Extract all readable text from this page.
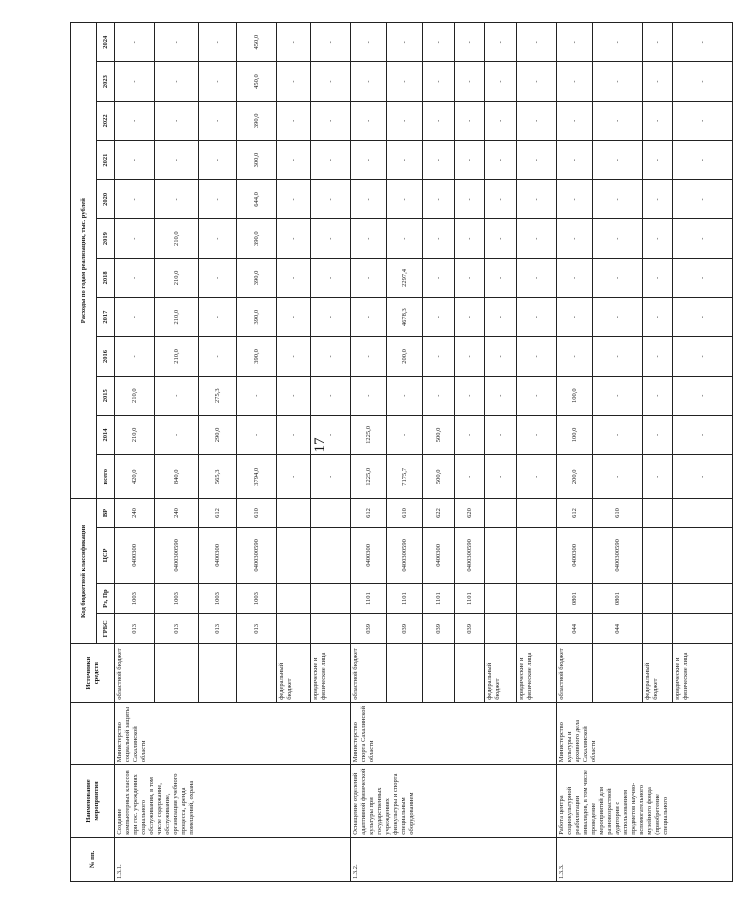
17
№ пп.	Наименование мероприятия		Источники средств	Код бюджетной классификации				Расходы по годам реализации, тыс. рублей											
				ГРБС	Рз, Пр	ЦСР	ВР	всего	2014	2015	2016	2017	2018	2019	2020	2021	2022	2023	2024
1.3.1.	Создание компьютерных классов при гос. учреждениях социального обслуживания, в том числе содержание, обслуживание, организация учебного процесса, аренда помещений, охрана	Министерство социальной защиты Сахалинской области	областной бюджет	013	1003	0400300	240	420,0	210,0	210,0	-	-	-	-	-	-	-	-	-
				013	1003	0400300590	240	840,0	-	-	210,0	210,0	210,0	210,0	-	-	-	-	-
				013	1003	0400300	612	565,3	290,0	275,3	-	-	-	-	-	-	-	-	-
				013	1003	0400300590	610	3794,0	-	-	390,0	390,0	390,0	390,0	644,0	300,0	390,0	450,0	450,0
			федеральный бюджет					-	-	-	-	-	-	-	-	-	-	-	-
			юридические и физические лица					-	-	-	-	-	-	-	-	-	-	-	-
1.3.2.	Оснащение отделений адаптивной физической культуры при государственных учреждениях физкультуры и спорта специальным оборудованием	Министерство спорта Сахалинской области	областной бюджет	039	1101	0400300	612	1225,0	1225,0	-	-	-	-	-	-	-	-	-	-
				039	1101	0400300590	610	7175,7	-	-	200,0	4678,3	2297,4	-	-	-	-	-	-
				039	1101	0400300	622	500,0	500,0	-	-	-	-	-	-	-	-	-	-
				039	1101	0400300590	620	-	-	-	-	-	-	-	-	-	-	-	-
			федеральный бюджет					-	-	-	-	-	-	-	-	-	-	-	-
			юридические и физические лица					-	-	-	-	-	-	-	-	-	-	-	-
1.3.3.	Работа центра социокультурной реабилитации инвалидов, в том числе проведение мероприятий для разновозрастной аудитории с использованием предметов научно-вспомогательного музейного фонда (приобретение специального	Министерство культуры и архивного дела Сахалинской области	областной бюджет	044	0801	0400300	612	200,0	100,0	100,0	-	-	-	-	-	-	-	-	-
				044	0801	0400300590	610	-	-	-	-	-	-	-	-	-	-	-	-
			федеральный бюджет					-	-	-	-	-	-	-	-	-	-	-	-
			юридические и физические лица					-	-	-	-	-	-	-	-	-	-	-	-
